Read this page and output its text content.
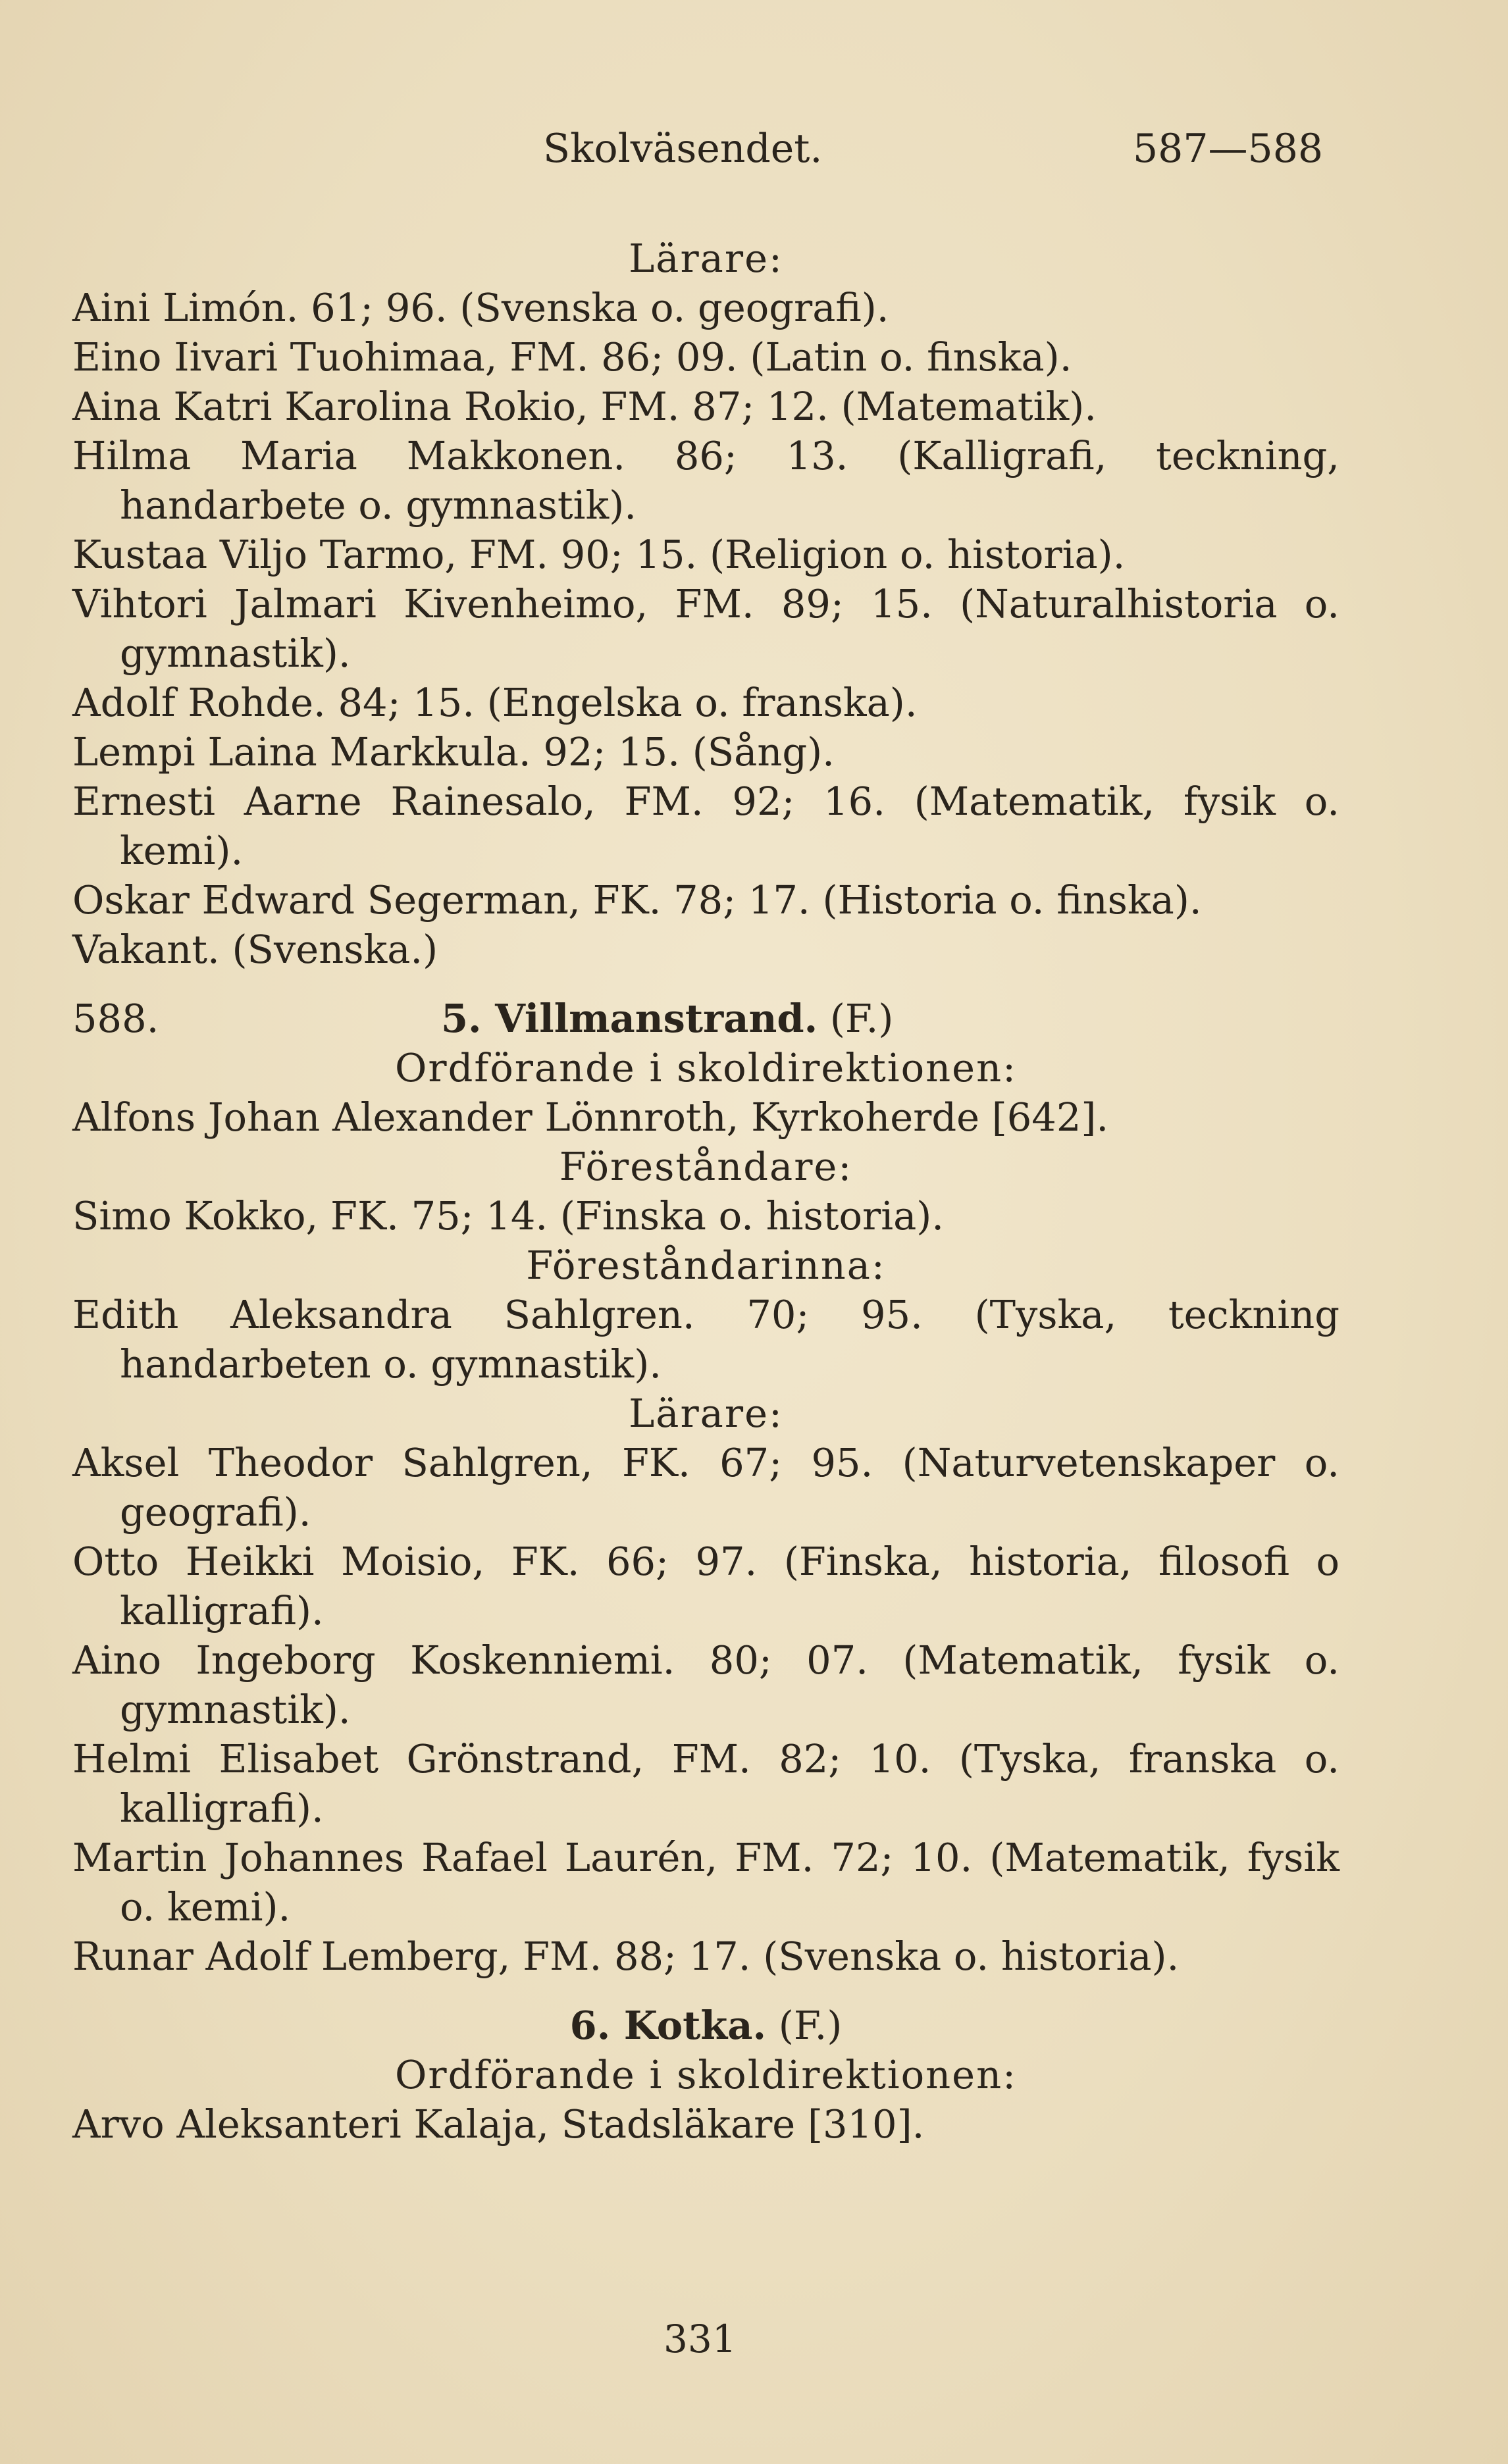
Skolväsendet.	587—588
Lärare:
Aini Limón. 61; 96. (Svenska o. geografi).
Eino Iivari Tuohimaa, FM. 86; 09. (Latin o. finska).
Aina Katri Karolina Rokio, FM. 87; 12. (Matematik).
Hilma Maria Makkonen. 86; 13. (Kalligrafi, teckning, handarbete o. gymnastik).
Kustaa Viljo Tarmo, FM. 90; 15. (Religion o. historia).
Vihtori Jalmari Kivenheimo, FM. 89; 15. (Naturalhistoria o. gymnastik).
Adolf Rohde. 84; 15. (Engelska o. franska).
Lempi Laina Markkula. 92; 15. (Sång).
Ernesti Aarne Rainesalo, FM. 92; 16. (Matematik, fysik o. kemi).
Oskar Edward Segerman, FK. 78; 17. (Historia o. finska).
Vakant. (Svenska.)
588.	5. Villmanstrand. (F.)
Ordförande i skoldirektionen:
Alfons Johan Alexander Lönnroth, Kyrkoherde [642].
Föreståndare:
Simo Kokko, FK. 75; 14. (Finska o. historia).
Föreståndarinna:
Edith Aleksandra Sahlgren. 70; 95. (Tyska, teckning handarbeten o. gymnastik).
Lärare:
Aksel Theodor Sahlgren, FK. 67; 95. (Naturvetenskaper o. geografi).
Otto Heikki Moisio, FK. 66; 97. (Finska, historia, filosofi o kalligrafi).
Aino Ingeborg Koskenniemi. 80; 07. (Matematik, fysik o. gymnastik).
Helmi Elisabet Grönstrand, FM. 82; 10. (Tyska, franska o. kalligrafi).
Martin Johannes Rafael Laurén, FM. 72; 10. (Matematik, fysik o. kemi).
Runar Adolf Lemberg, FM. 88; 17. (Svenska o. historia).
6. Kotka. (F.)
Ordförande i skoldirektionen:
Arvo Aleksanteri Kalaja, Stadsläkare [310].
331
